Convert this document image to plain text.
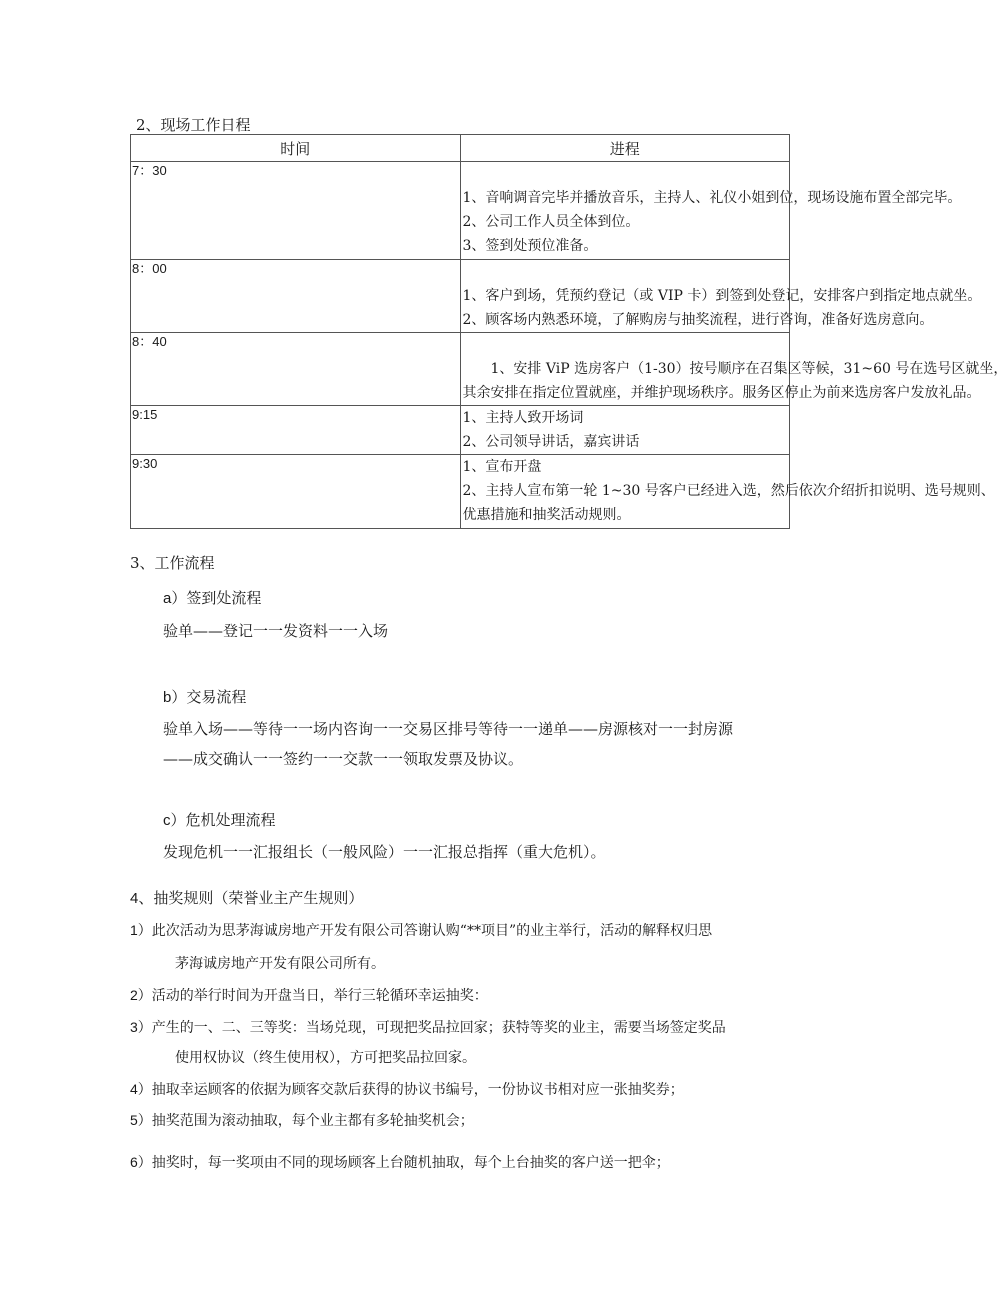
2、现场工作日程
时间	进程
7：30	1、音响调音完毕并播放音乐，主持人、礼仪小姐到位，现场设施布置全部完毕。
2、公司工作人员全体到位。
3、签到处预位准备。

8：00	1、客户到场，凭预约登记（或 VIP 卡）到签到处登记，安排客户到指定地点就坐。
2、顾客场内熟悉环境，了解购房与抽奖流程，进行咨询，准备好选房意向。

8：40	1、安排 ViP 选房客户（1-30）按号顺序在召集区等候，31~60 号在选号区就坐，
其余安排在指定位置就座，并维护现场秩序。服务区停止为前来选房客户发放礼品。

9:15	1、主持人致开场词
2、公司领导讲话，嘉宾讲话

9:30	1、宣布开盘
2、主持人宣布第一轮 1~30 号客户已经进入选，然后依次介绍折扣说明、选号规则、
优惠措施和抽奖活动规则。
3、工作流程
a）签到处流程
验单——登记一一发资料一一入场
b）交易流程
验单入场——等待一一场内咨询一一交易区排号等待一一递单——房源核对一一封房源
——成交确认一一签约一一交款一一领取发票及协议。
c）危机处理流程
发现危机一一汇报组长（一般风险）一一汇报总指挥（重大危机）。
4、抽奖规则（荣誉业主产生规则）
1）此次活动为思茅海诚房地产开发有限公司答谢认购“**项目”的业主举行，活动的解释权归思
茅海诚房地产开发有限公司所有。
2）活动的举行时间为开盘当日，举行三轮循环幸运抽奖：
3）产生的一、二、三等奖：当场兑现，可现把奖品拉回家；获特等奖的业主，需要当场签定奖品
使用权协议（终生使用权），方可把奖品拉回家。
4）抽取幸运顾客的依据为顾客交款后获得的协议书编号，一份协议书相对应一张抽奖券；
5）抽奖范围为滚动抽取，每个业主都有多轮抽奖机会；
6）抽奖时，每一奖项由不同的现场顾客上台随机抽取，每个上台抽奖的客户送一把伞；
